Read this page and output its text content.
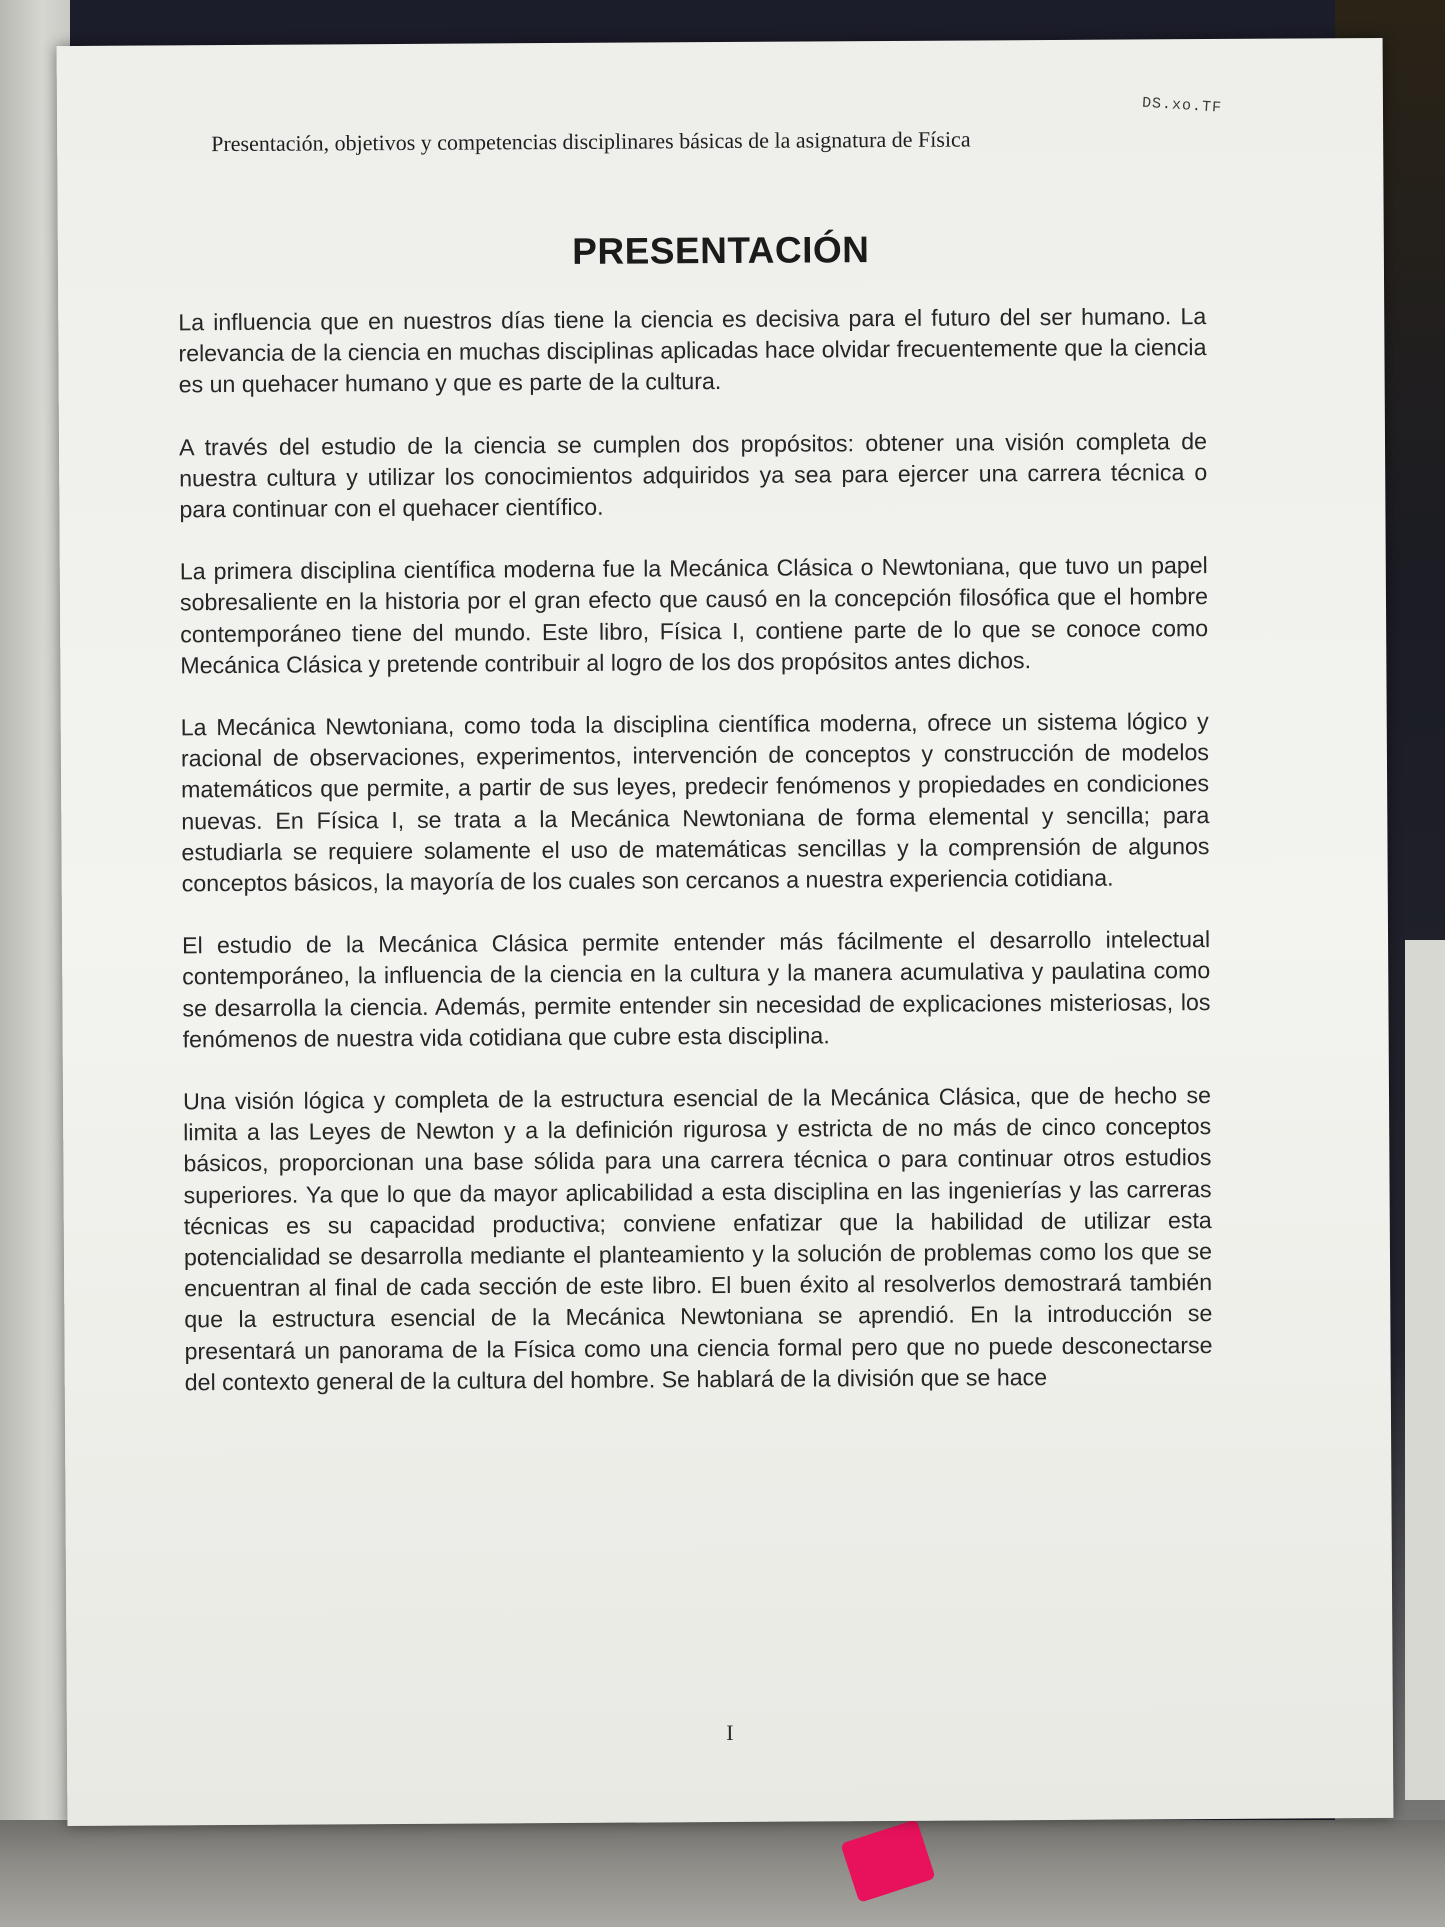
Presentación, objetivos y competencias disciplinares básicas de la asignatura de Física
DS.xo.TF
PRESENTACIÓN

La influencia que en nuestros días tiene la ciencia es decisiva para el futuro del ser humano. La relevancia de la ciencia en muchas disciplinas aplicadas hace olvidar frecuentemente que la ciencia es un quehacer humano y que es parte de la cultura.

A través del estudio de la ciencia se cumplen dos propósitos: obtener una visión completa de nuestra cultura y utilizar los conocimientos adquiridos ya sea para ejercer una carrera técnica o para continuar con el quehacer científico.

La primera disciplina científica moderna fue la Mecánica Clásica o Newtoniana, que tuvo un papel sobresaliente en la historia por el gran efecto que causó en la concepción filosófica que el hombre contemporáneo tiene del mundo. Este libro, Física I, contiene parte de lo que se conoce como Mecánica Clásica y pretende contribuir al logro de los dos propósitos antes dichos.

La Mecánica Newtoniana, como toda la disciplina científica moderna, ofrece un sistema lógico y racional de observaciones, experimentos, intervención de conceptos y construcción de modelos matemáticos que permite, a partir de sus leyes, predecir fenómenos y propiedades en condiciones nuevas. En Física I, se trata a la Mecánica Newtoniana de forma elemental y sencilla; para estudiarla se requiere solamente el uso de matemáticas sencillas y la comprensión de algunos conceptos básicos, la mayoría de los cuales son cercanos a nuestra experiencia cotidiana.

El estudio de la Mecánica Clásica permite entender más fácilmente el desarrollo intelectual contemporáneo, la influencia de la ciencia en la cultura y la manera acumulativa y paulatina como se desarrolla la ciencia. Además, permite entender sin necesidad de explicaciones misteriosas, los fenómenos de nuestra vida cotidiana que cubre esta disciplina.

Una visión lógica y completa de la estructura esencial de la Mecánica Clásica, que de hecho se limita a las Leyes de Newton y a la definición rigurosa y estricta de no más de cinco conceptos básicos, proporcionan una base sólida para una carrera técnica o para continuar otros estudios superiores. Ya que lo que da mayor aplicabilidad a esta disciplina en las ingenierías y las carreras técnicas es su capacidad productiva; conviene enfatizar que la habilidad de utilizar esta potencialidad se desarrolla mediante el planteamiento y la solución de problemas como los que se encuentran al final de cada sección de este libro. El buen éxito al resolverlos demostrará también que la estructura esencial de la Mecánica Newtoniana se aprendió. En la introducción se presentará un panorama de la Física como una ciencia formal pero que no puede desconectarse del contexto general de la cultura del hombre. Se hablará de la división que se hace

I
